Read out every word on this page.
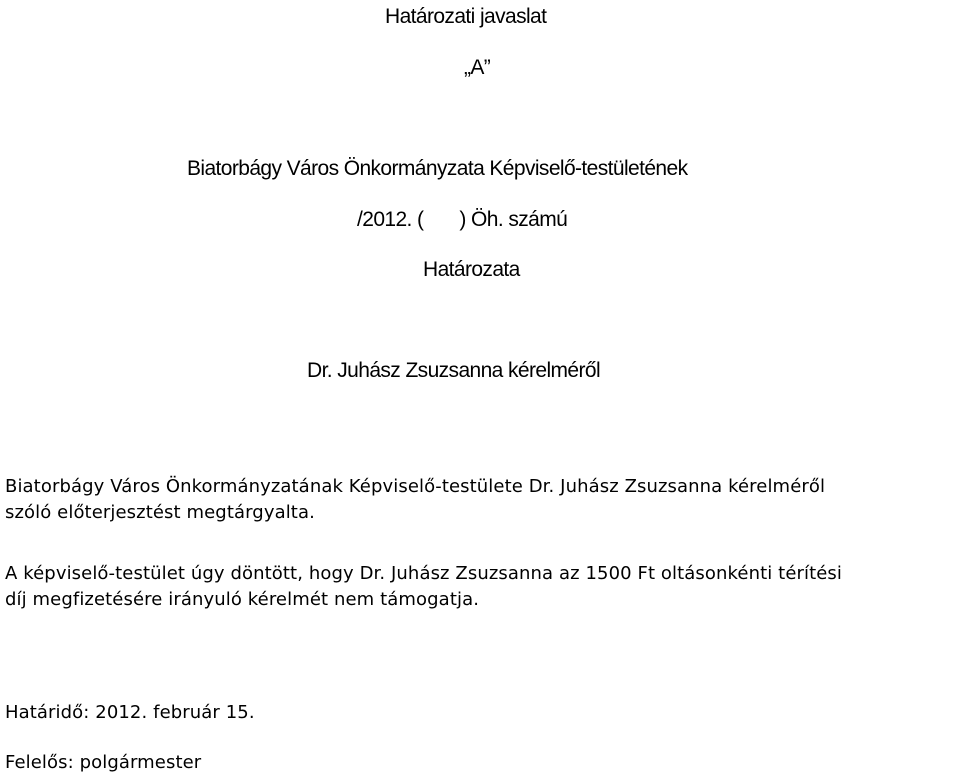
Határozati javaslat
„A”
Biatorbágy Város Önkormányzata Képviselő-testületének
/2012. ( ) Öh. számú
Határozata
Dr. Juhász Zsuzsanna kérelméről
Biatorbágy Város Önkormányzatának Képviselő-testülete Dr. Juhász Zsuzsanna kérelméről
szóló előterjesztést megtárgyalta.
A képviselő-testület úgy döntött, hogy Dr. Juhász Zsuzsanna az 1500 Ft oltásonkénti térítési
díj megfizetésére irányuló kérelmét nem támogatja.
Határidő: 2012. február 15.
Felelős: polgármester
